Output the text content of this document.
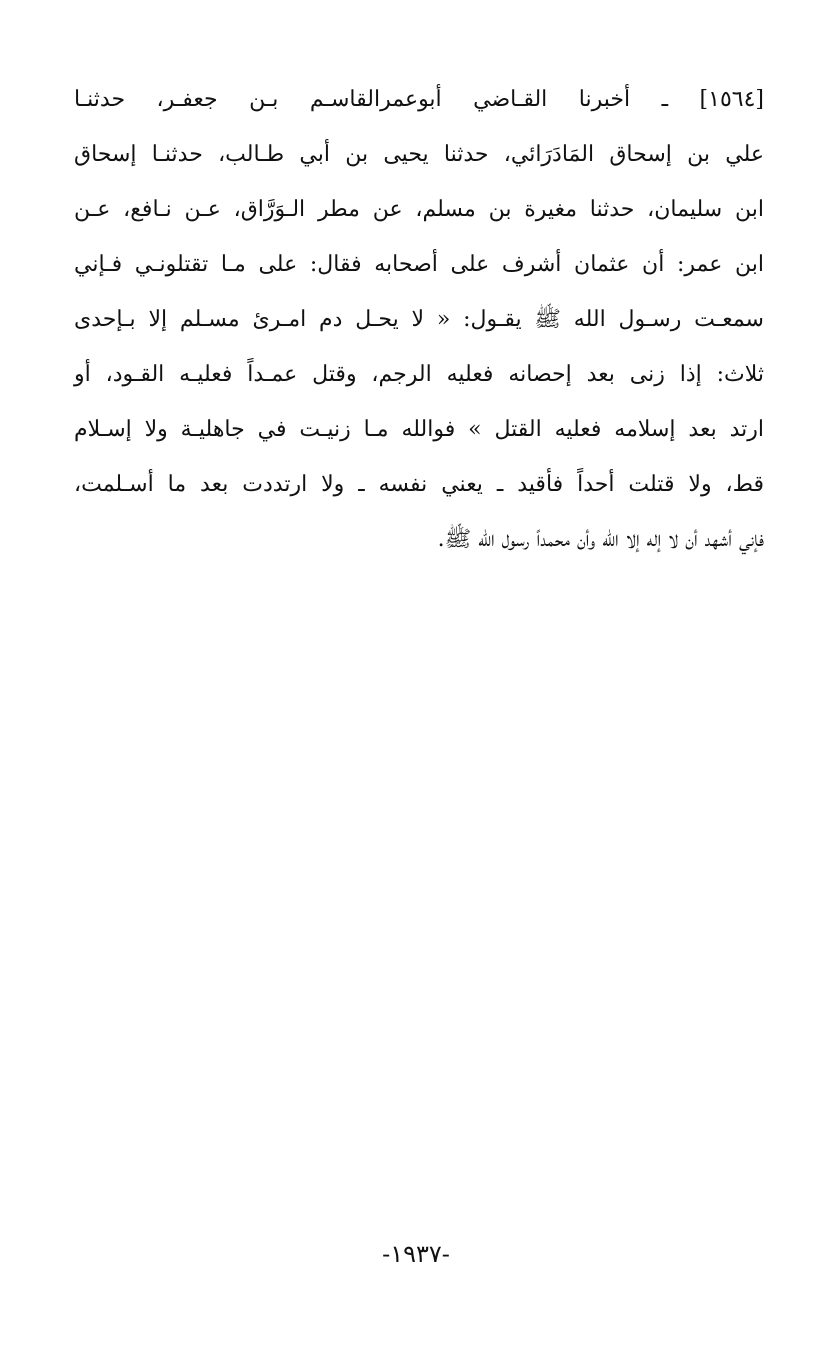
[١٥٦٤] ـ أخبرنا القـاضي أبوعمرالقاسـم بـن جعفـر، حدثنـا
علي بن إسحاق المَادَرَائي، حدثنا يحيى بن أبي طـالب، حدثنـا إسحاق
ابن سليمان، حدثنا مغيرة بن مسلم، عن مطر الـوَرَّاق، عـن نـافع، عـن
ابن عمر: أن عثمان أشرف على أصحابه فقال: على مـا تقتلونـي فـإني
سمعـت رسـول الله ﷺ يقـول: « لا يحـل دم امـرئ مسـلم إلا بـإحدى
ثلاث: إذا زنى بعد إحصانه فعليه الرجم، وقتل عمـداً فعليـه القـود، أو
ارتد بعد إسلامه فعليه القتل » فوالله مـا زنيـت في جاهليـة ولا إسـلام
قط، ولا قتلت أحداً فأقيد ـ يعني نفسه ـ ولا ارتددت بعد ما أسـلمت،
فإني أشهد أن لا إله إلا الله وأن محمداً رسول الله ﷺ.
-١٩٣٧-
